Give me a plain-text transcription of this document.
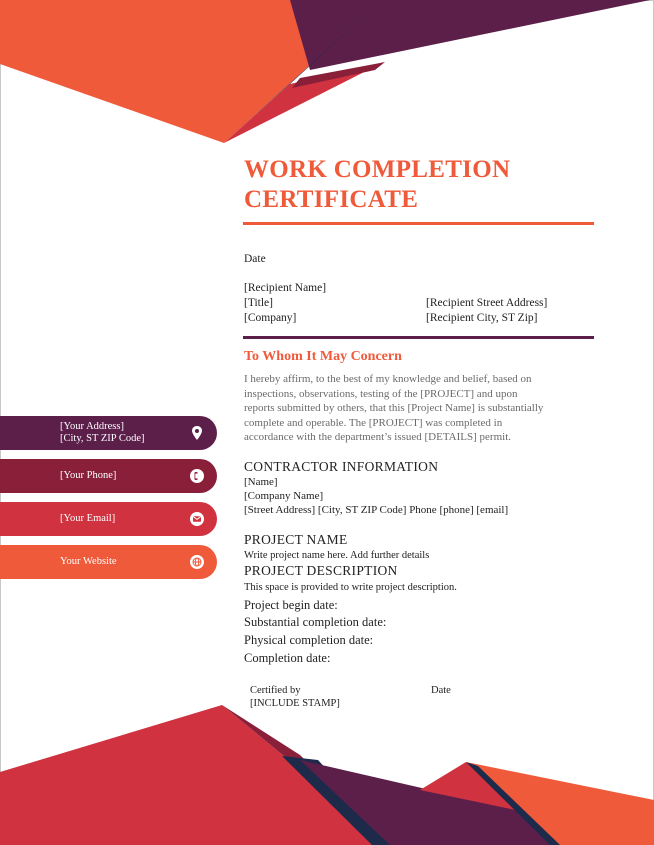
WORK COMPLETION
CERTIFICATE
Date
[Recipient Name]
[Title]
[Company]
[Recipient Street Address]
[Recipient City, ST Zip]
To Whom It May Concern
I hereby affirm, to the best of my knowledge and belief, based on
inspections, observations, testing of the [PROJECT] and upon
reports submitted by others, that this [Project Name] is substantially
complete and operable. The [PROJECT] was completed in
accordance with the department’s issued [DETAILS] permit.
CONTRACTOR INFORMATION
[Name]
[Company Name]
[Street Address] [City, ST ZIP Code] Phone [phone] [email]
PROJECT NAME
Write project name here. Add further details
PROJECT DESCRIPTION
This space is provided to write project description.
Project begin date:
Substantial completion date:
Physical completion date:
Completion date:
Certified by
[INCLUDE STAMP]
Date
[Your Address]
[City, ST ZIP Code]
[Your Phone]
[Your Email]
Your Website
